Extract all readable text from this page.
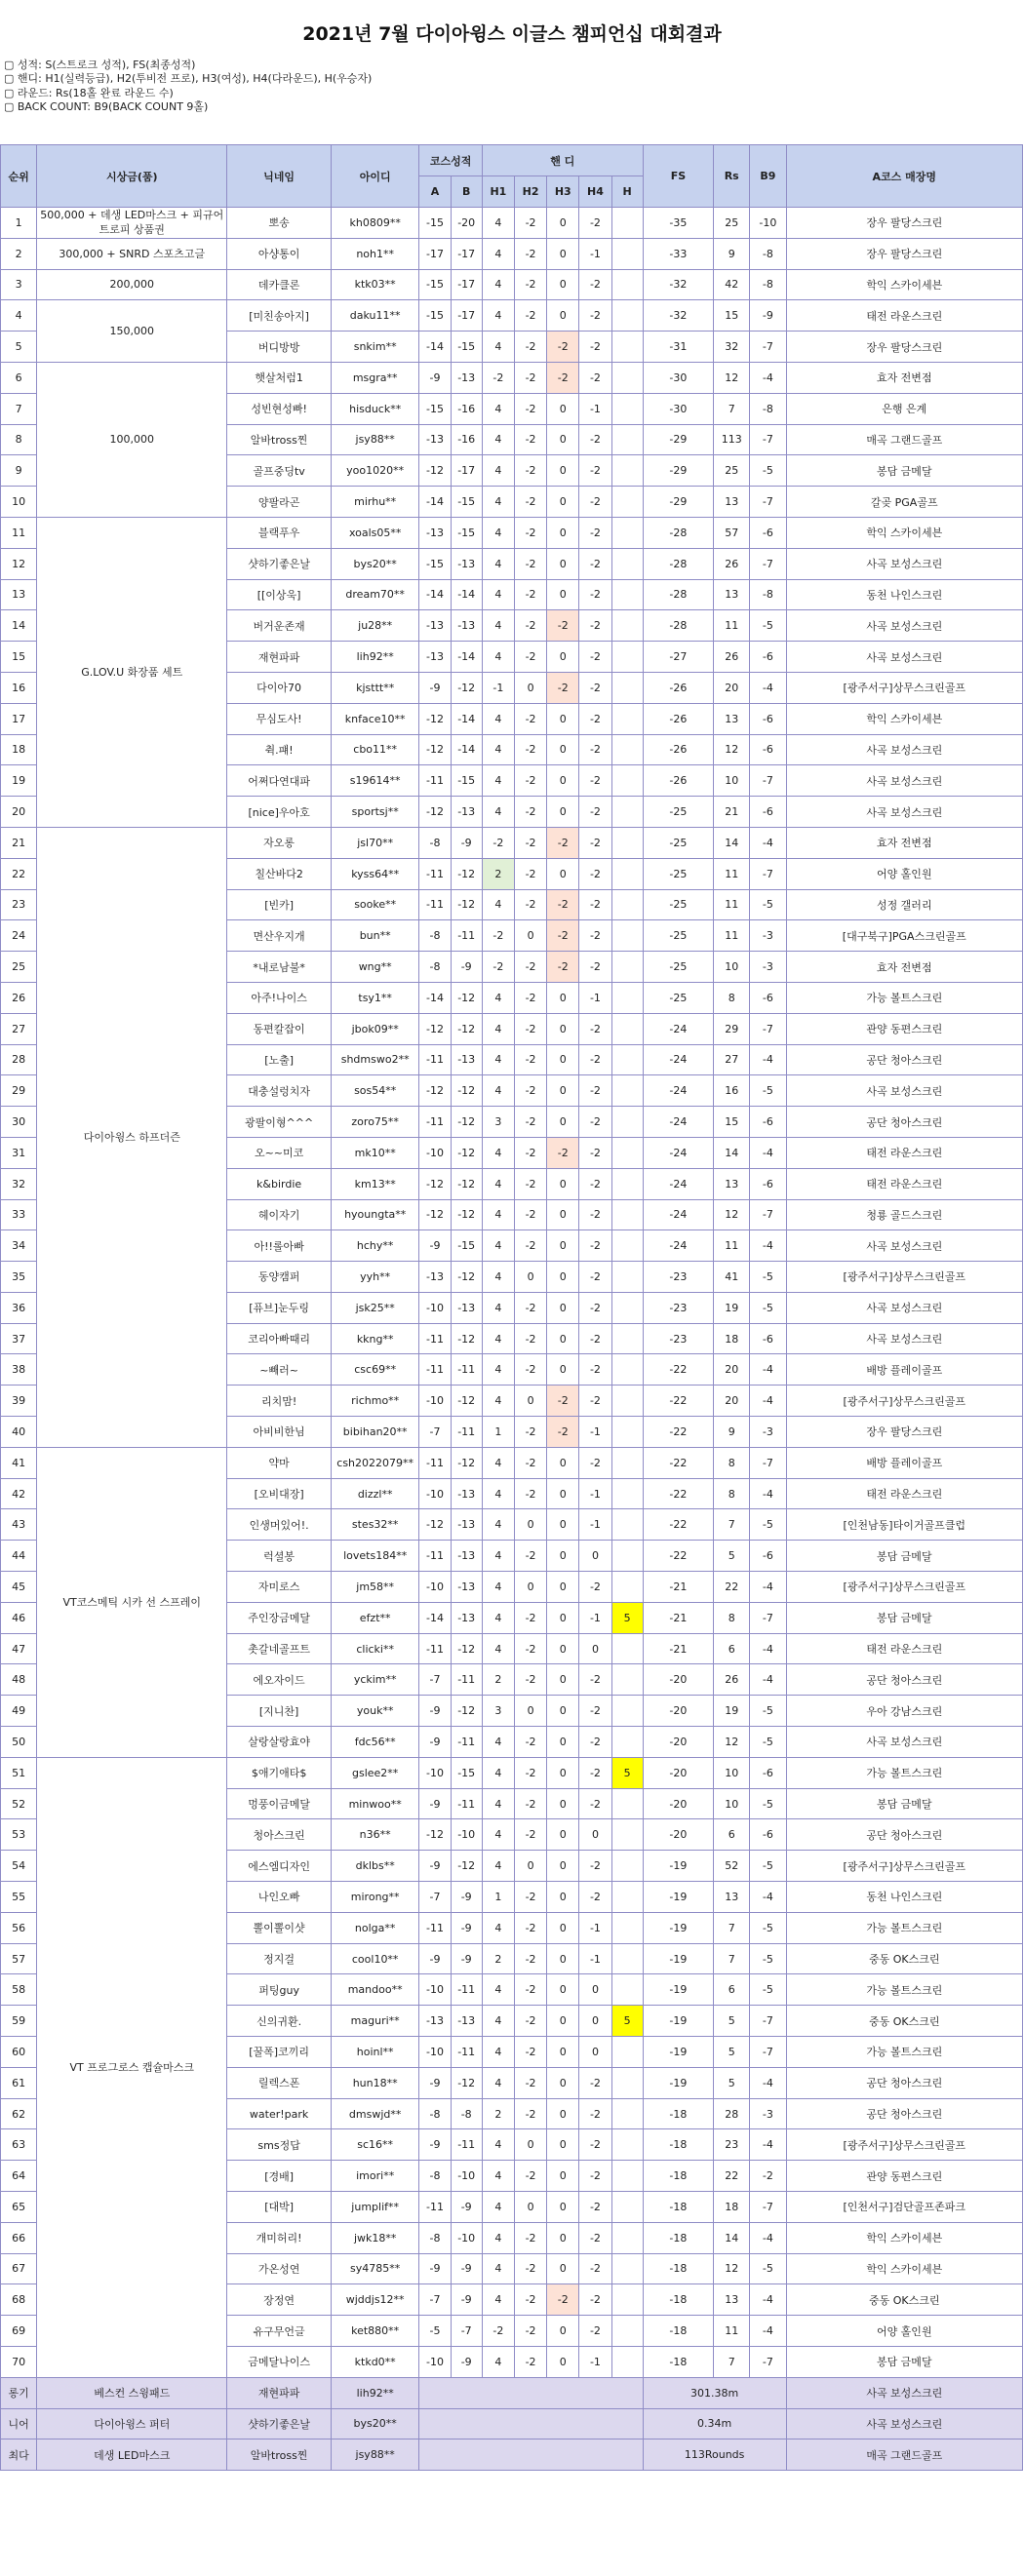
2021년 7월 다이아윙스 이글스 챔피언십 대회결과
▢ 성적: S(스트로크 성적), FS(최종성적)
▢ 핸디: H1(실력등급), H2(투비전 프로), H3(여성), H4(다라운드), H(우승자)
▢ 라운드: Rs(18홀 완료 라운드 수)
▢ BACK COUNT: B9(BACK COUNT 9홀)
순위	시상금(품)	닉네임	아이디	코스성적		핸 디					FS	Rs	B9	A코스 매장명
				A	B	H1	H2	H3	H4	H				
1	500,000 + 데생 LED마스크 + 피규어 트로피 상품권	뽀송	kh0809**	-15	-20	4	-2	0	-2		-35	25	-10	장우 팔당스크린
2	300,000 + SNRD 스포츠고글	아샹통이	noh1**	-17	-17	4	-2	0	-1		-33	9	-8	장우 팔당스크린
3	200,000	데카클론	ktk03**	-15	-17	4	-2	0	-2		-32	42	-8	학익 스카이세븐
4	150,000	[미친송아지]	daku11**	-15	-17	4	-2	0	-2		-32	15	-9	태전 라운스크린
5		버디방방	snkim**	-14	-15	4	-2	-2	-2		-31	32	-7	장우 팔당스크린
6	100,000	햇살처럼1	msgra**	-9	-13	-2	-2	-2	-2		-30	12	-4	효자 전변점
7		성빈현성빠!	hisduck**	-15	-16	4	-2	0	-1		-30	7	-8	은행 은계
8		알바tross찐	jsy88**	-13	-16	4	-2	0	-2		-29	113	-7	매곡 그랜드골프
9		골프중딩tv	yoo1020**	-12	-17	4	-2	0	-2		-29	25	-5	봉담 금메달
10		양팔라곤	mirhu**	-14	-15	4	-2	0	-2		-29	13	-7	갈곶 PGA골프
11	G.LOV.U 화장품 세트	블랙푸우	xoals05**	-13	-15	4	-2	0	-2		-28	57	-6	학익 스카이세븐
12		샷하기좋은날	bys20**	-15	-13	4	-2	0	-2		-28	26	-7	사곡 보성스크린
13		[[이상욱]	dream70**	-14	-14	4	-2	0	-2		-28	13	-8	동천 나인스크린
14		버거운존재	ju28**	-13	-13	4	-2	-2	-2		-28	11	-5	사곡 보성스크린
15		재현파파	lih92**	-13	-14	4	-2	0	-2		-27	26	-6	사곡 보성스크린
16		다이아70	kjsttt**	-9	-12	-1	0	-2	-2		-26	20	-4	[광주서구]상무스크린골프
17		무심도사!	knface10**	-12	-14	4	-2	0	-2		-26	13	-6	학익 스카이세븐
18		췩.퍠!	cbo11**	-12	-14	4	-2	0	-2		-26	12	-6	사곡 보성스크린
19		어쩌다연대파	s19614**	-11	-15	4	-2	0	-2		-26	10	-7	사곡 보성스크린
20		[nice]우아호	sportsj**	-12	-13	4	-2	0	-2		-25	21	-6	사곡 보성스크린
21	다이아윙스 하프더즌	자오롱	jsl70**	-8	-9	-2	-2	-2	-2		-25	14	-4	효자 전변점
22		칠산바다2	kyss64**	-11	-12	2	-2	0	-2		-25	11	-7	어양 홀인원
23		[빈카]	sooke**	-11	-12	4	-2	-2	-2		-25	11	-5	성정 갤러리
24		면산우지개	bun**	-8	-11	-2	0	-2	-2		-25	11	-3	[대구북구]PGA스크린골프
25		*내로남불*	wng**	-8	-9	-2	-2	-2	-2		-25	10	-3	효자 전변점
26		아주!나이스	tsy1**	-14	-12	4	-2	0	-1		-25	8	-6	가능 볼트스크린
27		동편칼잡이	jbok09**	-12	-12	4	-2	0	-2		-24	29	-7	관양 동편스크린
28		[노출]	shdmswo2**	-11	-13	4	-2	0	-2		-24	27	-4	공단 청아스크린
29		대충설렁치자	sos54**	-12	-12	4	-2	0	-2		-24	16	-5	사곡 보성스크린
30		광팔이형^^^	zoro75**	-11	-12	3	-2	0	-2		-24	15	-6	공단 청아스크린
31		오~~미코	mk10**	-10	-12	4	-2	-2	-2		-24	14	-4	태전 라운스크린
32		k&birdie	km13**	-12	-12	4	-2	0	-2		-24	13	-6	태전 라운스크린
33		헤이자기	hyoungta**	-12	-12	4	-2	0	-2		-24	12	-7	청룡 골드스크린
34		아!!롤아빠	hchy**	-9	-15	4	-2	0	-2		-24	11	-4	사곡 보성스크린
35		동양캠퍼	yyh**	-13	-12	4	0	0	-2		-23	41	-5	[광주서구]상무스크린골프
36		[퓨브]눈두링	jsk25**	-10	-13	4	-2	0	-2		-23	19	-5	사곡 보성스크린
37		코리아빠때리	kkng**	-11	-12	4	-2	0	-2		-23	18	-6	사곡 보성스크린
38		~빼러~	csc69**	-11	-11	4	-2	0	-2		-22	20	-4	배방 플레이골프
39		리치맘!	richmo**	-10	-12	4	0	-2	-2		-22	20	-4	[광주서구]상무스크린골프
40		아비비한님	bibihan20**	-7	-11	1	-2	-2	-1		-22	9	-3	장우 팔당스크린
41	VT코스메틱 시카 선 스프레이	약마	csh2022079**	-11	-12	4	-2	0	-2		-22	8	-7	배방 플레이골프
42		[오비대장]	dizzl**	-10	-13	4	-2	0	-1		-22	8	-4	태전 라운스크린
43		인생머있어!.	stes32**	-12	-13	4	0	0	-1		-22	7	-5	[인천남동]타이거골프클럽
44		럭셜봉	lovets184**	-11	-13	4	-2	0	0		-22	5	-6	봉담 금메달
45		자미로스	jm58**	-10	-13	4	0	0	-2		-21	22	-4	[광주서구]상무스크린골프
46		주인장금메달	efzt**	-14	-13	4	-2	0	-1	5	-21	8	-7	봉담 금메달
47		촛갈네골프트	clicki**	-11	-12	4	-2	0	0		-21	6	-4	태전 라운스크린
48		에오자이드	yckim**	-7	-11	2	-2	0	-2		-20	26	-4	공단 청아스크린
49		[지니찬]	youk**	-9	-12	3	0	0	-2		-20	19	-5	우아 강남스크린
50		살랑살랑효야	fdc56**	-9	-11	4	-2	0	-2		-20	12	-5	사곡 보성스크린
51	VT 프로그로스 캡슐마스크	$애기애타$	gslee2**	-10	-15	4	-2	0	-2	5	-20	10	-6	가능 볼트스크린
52		멍풍이금메달	minwoo**	-9	-11	4	-2	0	-2		-20	10	-5	봉담 금메달
53		청아스크린	n36**	-12	-10	4	-2	0	0		-20	6	-6	공단 청아스크린
54		에스엠디자인	dklbs**	-9	-12	4	0	0	-2		-19	52	-5	[광주서구]상무스크린골프
55		나인오빠	mirong**	-7	-9	1	-2	0	-2		-19	13	-4	동천 나인스크린
56		뽈이뽈이샷	nolga**	-11	-9	4	-2	0	-1		-19	7	-5	가능 볼트스크린
57		정지걸	cool10**	-9	-9	2	-2	0	-1		-19	7	-5	중동 OK스크린
58		퍼팅guy	mandoo**	-10	-11	4	-2	0	0		-19	6	-5	가능 볼트스크린
59		신의귀환.	maguri**	-13	-13	4	-2	0	0	5	-19	5	-7	중동 OK스크린
60		[꿀폭]코끼리	hoinl**	-10	-11	4	-2	0	0		-19	5	-7	가능 볼트스크린
61		릴렉스폰	hun18**	-9	-12	4	-2	0	-2		-19	5	-4	공단 청아스크린
62		water!park	dmswjd**	-8	-8	2	-2	0	-2		-18	28	-3	공단 청아스크린
63		sms정답	sc16**	-9	-11	4	0	0	-2		-18	23	-4	[광주서구]상무스크린골프
64		[경배]	imori**	-8	-10	4	-2	0	-2		-18	22	-2	관양 동편스크린
65		[대박]	jumplif**	-11	-9	4	0	0	-2		-18	18	-7	[인천서구]검단골프존파크
66		개미허리!	jwk18**	-8	-10	4	-2	0	-2		-18	14	-4	학익 스카이세븐
67		가온성연	sy4785**	-9	-9	4	-2	0	-2		-18	12	-5	학익 스카이세븐
68		장정연	wjddjs12**	-7	-9	4	-2	-2	-2		-18	13	-4	중동 OK스크린
69		유구무언글	ket880**	-5	-7	-2	-2	0	-2		-18	11	-4	어양 홀인원
70		금메달나이스	ktkd0**	-10	-9	4	-2	0	-1		-18	7	-7	봉담 금메달
롱기	베스컨 스윙패드	재현파파	lih92**								301.38m			사곡 보성스크린
니어	다이아윙스 퍼터	샷하기좋은날	bys20**								0.34m			사곡 보성스크린
최다	데생 LED마스크	알바tross찐	jsy88**								113Rounds			매곡 그랜드골프
